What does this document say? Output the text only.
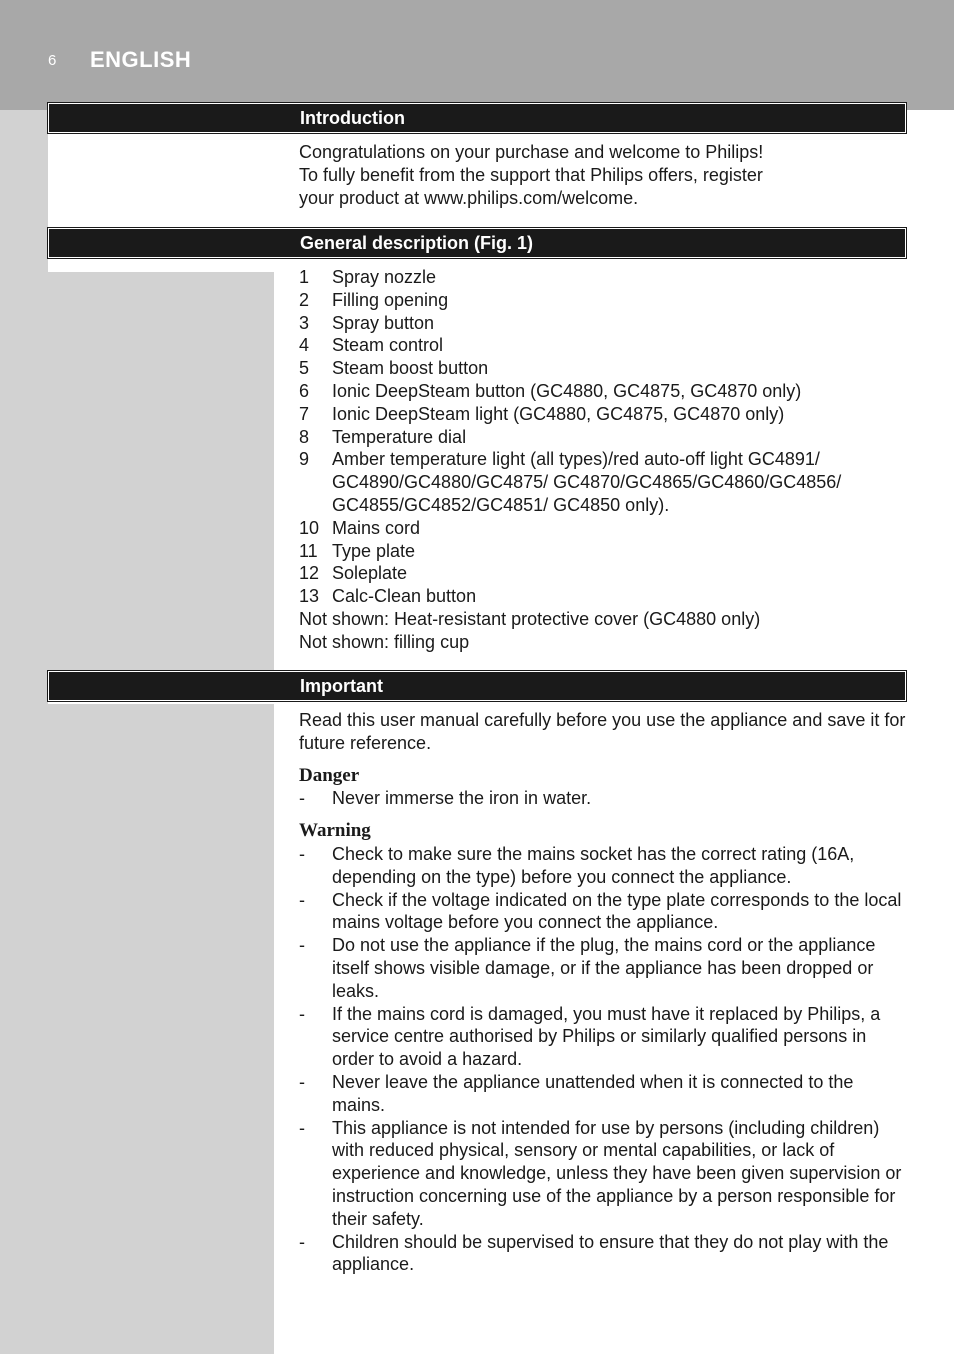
6 ENGLISH
Introduction

Congratulations on your purchase and welcome to Philips!

To fully benefit from the support that Philips offers, register

your product at www.philips.com/welcome.

General description (Fig. 1)
1 Spray nozzle
2 Filling opening
3 Spray button
4 Steam control
5 Steam boost button
6 Ionic DeepSteam button (GC4880, GC4875, GC4870 only)
7 Ionic DeepSteam light (GC4880, GC4875, GC4870 only)
8 Temperature dial
9 Amber temperature light (all types)/red auto-off light GC4891/ GC4890/GC4880/GC4875/ GC4870/GC4865/GC4860/GC4856/ GC4855/GC4852/GC4851/ GC4850 only).
10 Mains cord
11 Type plate
12 Soleplate
13 Calc-Clean button

Not shown: Heat-resistant protective cover (GC4880 only)

Not shown: filling cup

Important

Read this user manual carefully before you use the appliance and save it for future reference.

Danger

- Never immerse the iron in water.

Warning

- Check to make sure the mains socket has the correct rating (16A, depending on the type) before you connect the appliance.
- Check if the voltage indicated on the type plate corresponds to the local mains voltage before you connect the appliance.
- Do not use the appliance if the plug, the mains cord or the appliance itself shows visible damage, or if the appliance has been dropped or leaks.
- If the mains cord is damaged, you must have it replaced by Philips, a service centre authorised by Philips or similarly qualified persons in order to avoid a hazard.
- Never leave the appliance unattended when it is connected to the mains.
- This appliance is not intended for use by persons (including children) with reduced physical, sensory or mental capabilities, or lack of experience and knowledge, unless they have been given supervision or instruction concerning use of the appliance by a person responsible for their safety.
- Children should be supervised to ensure that they do not play with the appliance.
